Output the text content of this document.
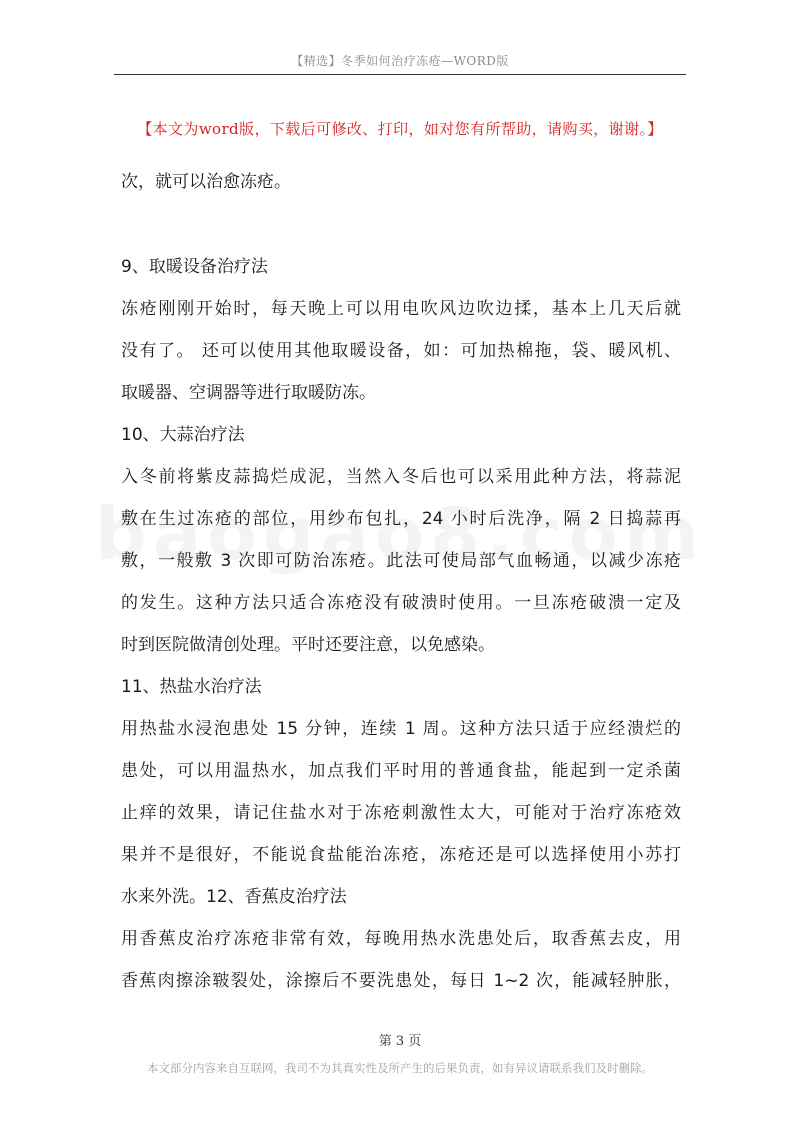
【精选】冬季如何治疗冻疮—WORD版
【本文为word版，下载后可修改、打印，如对您有所帮助，请购买，谢谢。】
次，就可以治愈冻疮。
9、取暖设备治疗法
冻疮刚刚开始时，每天晚上可以用电吹风边吹边揉，基本上几天后就
没有了。 还可以使用其他取暖设备，如：可加热棉拖，袋、暖风机、
取暖器、空调器等进行取暖防冻。
10、大蒜治疗法
入冬前将紫皮蒜捣烂成泥，当然入冬后也可以采用此种方法，将蒜泥
敷在生过冻疮的部位，用纱布包扎，24 小时后洗净，隔 2 日捣蒜再
敷，一般敷 3 次即可防治冻疮。此法可使局部气血畅通，以减少冻疮
的发生。这种方法只适合冻疮没有破溃时使用。一旦冻疮破溃一定及
时到医院做清创处理。平时还要注意，以免感染。
11、热盐水治疗法
用热盐水浸泡患处 15 分钟，连续 1 周。这种方法只适于应经溃烂的
患处，可以用温热水，加点我们平时用的普通食盐，能起到一定杀菌
止痒的效果，请记住盐水对于冻疮刺激性太大，可能对于治疗冻疮效
果并不是很好，不能说食盐能治冻疮，冻疮还是可以选择使用小苏打
水来外洗。12、香蕉皮治疗法
用香蕉皮治疗冻疮非常有效，每晚用热水洗患处后，取香蕉去皮，用
香蕉肉擦涂皲裂处，涂擦后不要洗患处，每日 1~2 次，能减轻肿胀，
第 3 页
本文部分内容来自互联网，我司不为其真实性及所产生的后果负责，如有异议请联系我们及时删除。
